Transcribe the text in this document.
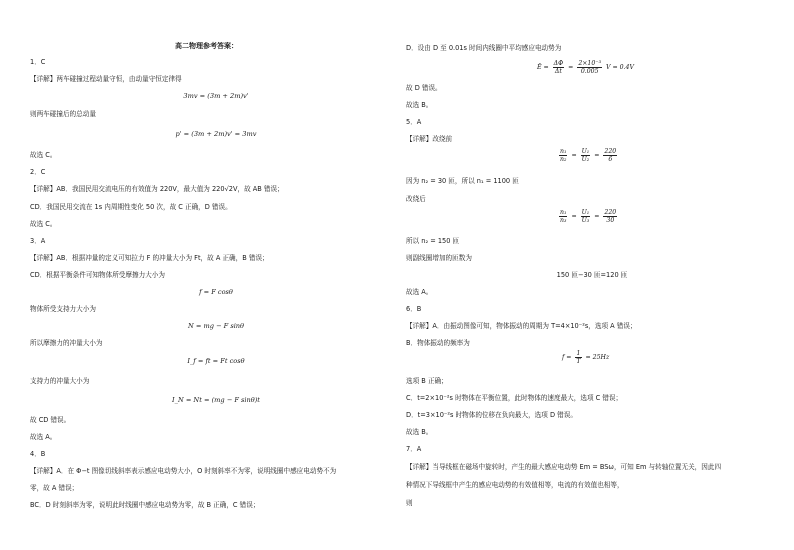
高二物理参考答案：
1．C
【详解】两车碰撞过程动量守恒，由动量守恒定律得
3mv = (3m + 2m)v'
则两车碰撞后的总动量
p' = (3m + 2m)v' = 3mv
故选 C。
2．C
【详解】AB．我国民用交流电压的有效值为 220V，最大值为 220√2V，故 AB 错误；
CD．我国民用交流在 1s 内周期性变化 50 次，故 C 正确，D 错误。
故选 C。
3．A
【详解】AB．根据冲量的定义可知拉力 F 的冲量大小为 Ft，故 A 正确，B 错误；
CD．根据平衡条件可知物体所受摩擦力大小为
f = F cosθ
物体所受支持力大小为
N = mg − F sinθ
所以摩擦力的冲量大小为
I_f = ft = Ft cosθ
支持力的冲量大小为
I_N = Nt = (mg − F sinθ)t
故 CD 错误。
故选 A。
4．B
【详解】A．在 Φ−t 图像切线斜率表示感应电动势大小，O 时刻斜率不为零，说明线圈中感应电动势不为
零，故 A 错误；
BC．D 时刻斜率为零，说明此时线圈中感应电动势为零，故 B 正确，C 错误；
D．设由 D 至 0.01s 时间内线圈中平均感应电动势为
Ē = $\frac{\Delta\Phi}{\Delta t} = \frac{\text{2×10⁻³}}{0.005}$ V = 0.4V
故 D 错误。
故选 B。
5．A
【详解】改绕前
$\frac{\text{n₁}}{\text{n₂}} = \frac{\text{U₁}}{\text{U₂}} = \frac{220}{6}$
因为 n₂ = 30 匝，所以 n₁ = 1100 匝
改绕后
$\frac{\text{n₁}}{\text{n₃}} = \frac{\text{U₁}}{\text{U₃}} = \frac{220}{30}$
所以 n₂ = 150 匝
则副线圈增加的匝数为
150 匝−30 匝=120 匝
故选 A。
6．B
【详解】A．由振动图像可知，物体振动的周期为 T=4×10⁻²s，选项 A 错误；
B．物体振动的频率为
$f = \frac{1}{T} = 25Hz$
选项 B 正确；
C．t=2×10⁻²s 时物体在平衡位置，此时物体的速度最大，选项 C 错误；
D．t=3×10⁻²s 时物体的位移在负向最大，选项 D 错误。
故选 B。
7．A
【详解】当导线框在磁场中旋转时，产生的最大感应电动势 Em = BSω，可知 Em 与转轴位置无关，因此四
种情况下导线框中产生的感应电动势的有效值相等，电流的有效值也相等，
则
